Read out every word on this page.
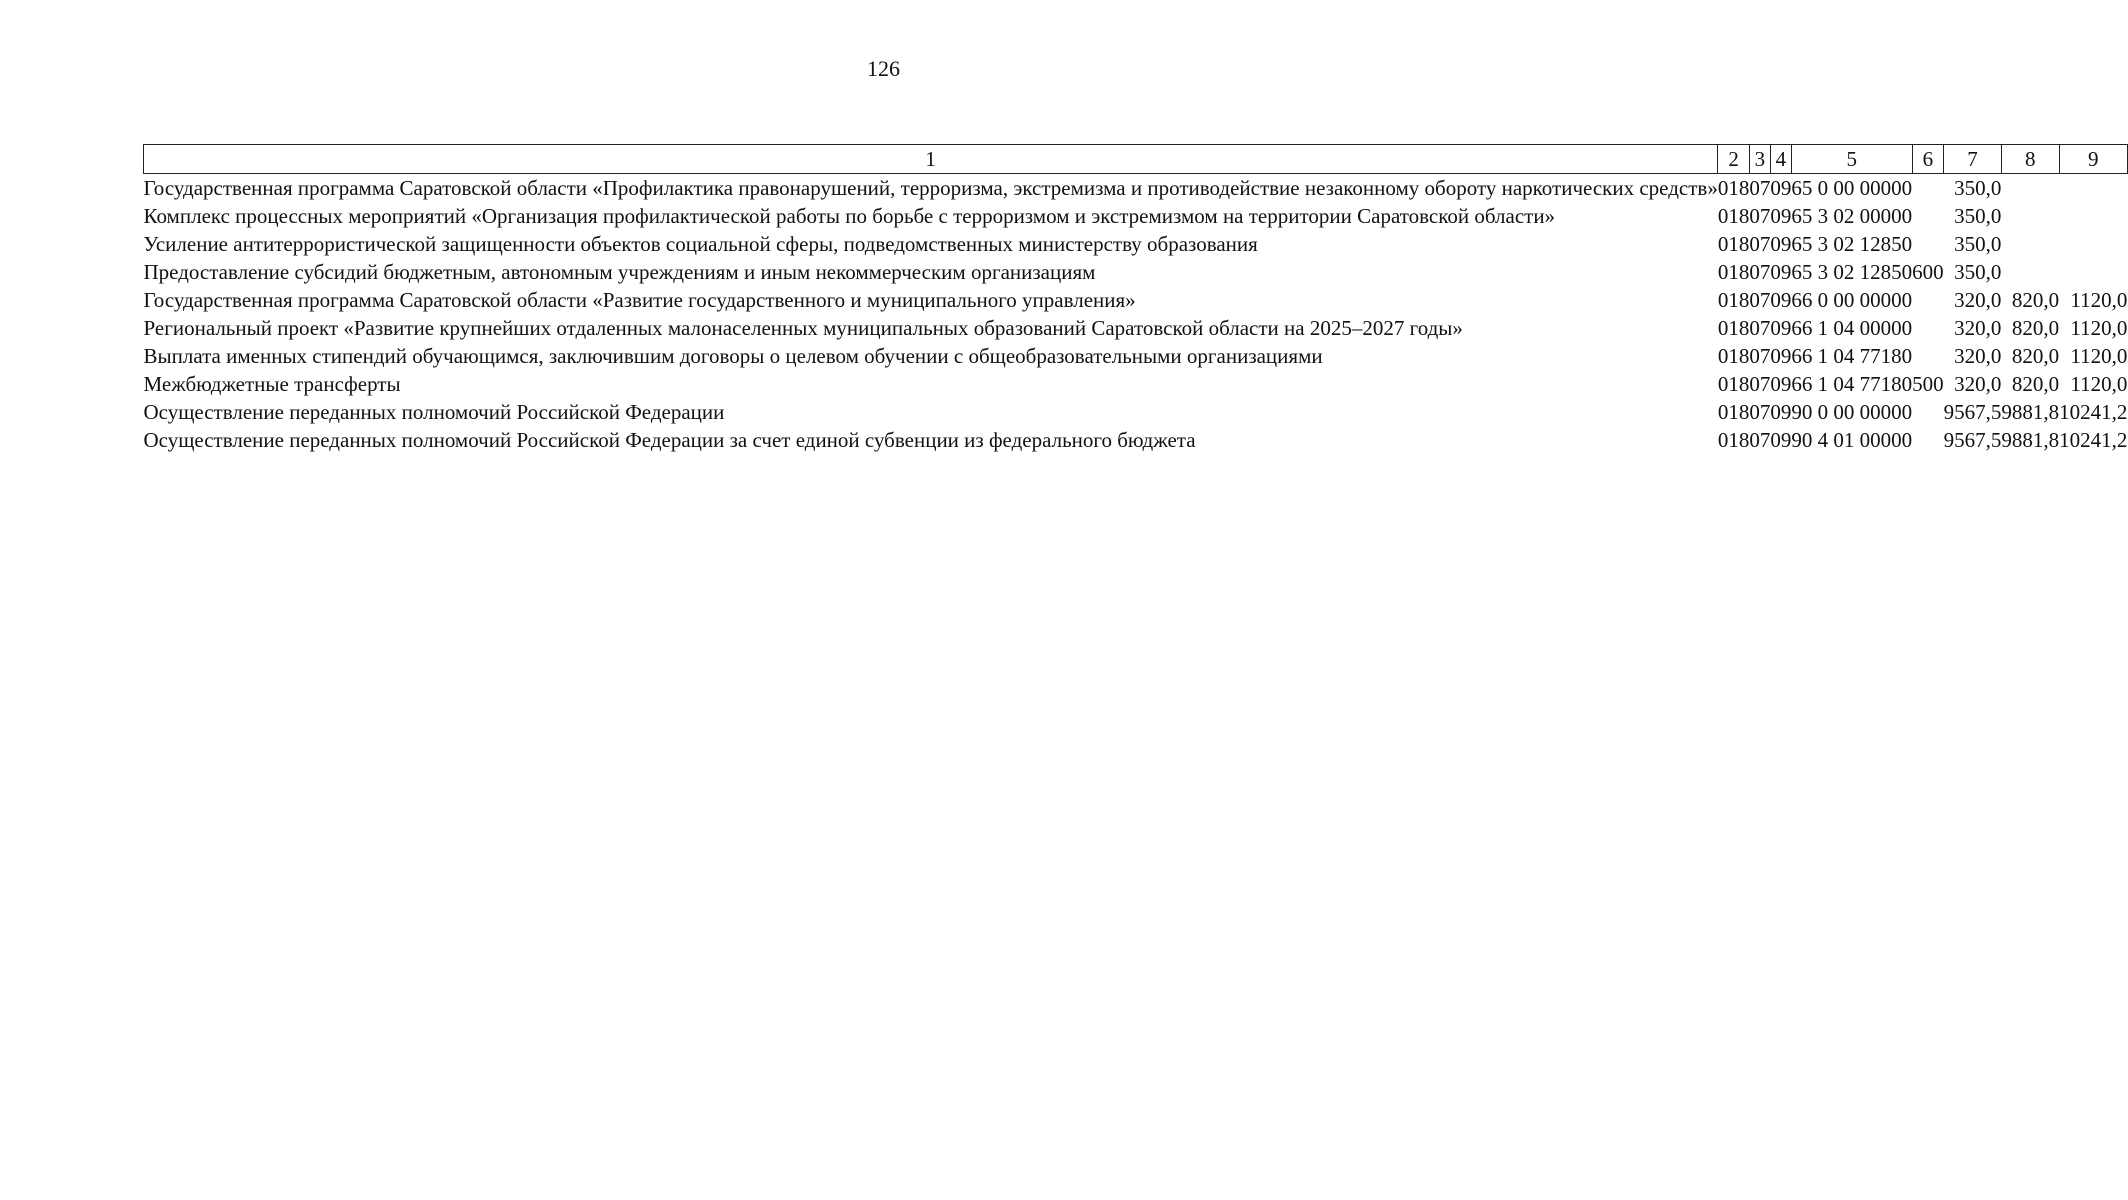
126
1	2	3	4	5	6	7	8	9
Государственная программа Саратовской области «Профилактика правонарушений, терроризма, экстремизма и противодействие незаконному обороту наркотических средств»	018	07	09	65 0 00 00000		350,0		
Комплекс процессных мероприятий «Организация профилактической работы по борьбе с терроризмом и экстремизмом на территории Саратовской области»	018	07	09	65 3 02 00000		350,0		
Усиление антитеррористической защищенности объектов социальной сферы, подведомственных министерству образования	018	07	09	65 3 02 12850		350,0		
Предоставление субсидий бюджетным, автономным учреждениям и иным некоммерческим организациям	018	07	09	65 3 02 12850	600	350,0		
Государственная программа Саратовской области «Развитие государственного и муниципального управления»	018	07	09	66 0 00 00000		320,0	820,0	1120,0
Региональный проект «Развитие крупнейших отдаленных малонаселенных муниципальных образований Саратовской области на 2025–2027 годы»	018	07	09	66 1 04 00000		320,0	820,0	1120,0
Выплата именных стипендий обучающимся, заключившим договоры о целевом обучении с общеобразовательными организациями	018	07	09	66 1 04 77180		320,0	820,0	1120,0
Межбюджетные трансферты	018	07	09	66 1 04 77180	500	320,0	820,0	1120,0
Осуществление переданных полномочий Российской Федерации	018	07	09	90 0 00 00000		9567,5	9881,8	10241,2
Осуществление переданных полномочий Российской Федерации за счет единой субвенции из федерального бюджета	018	07	09	90 4 01 00000		9567,5	9881,8	10241,2
